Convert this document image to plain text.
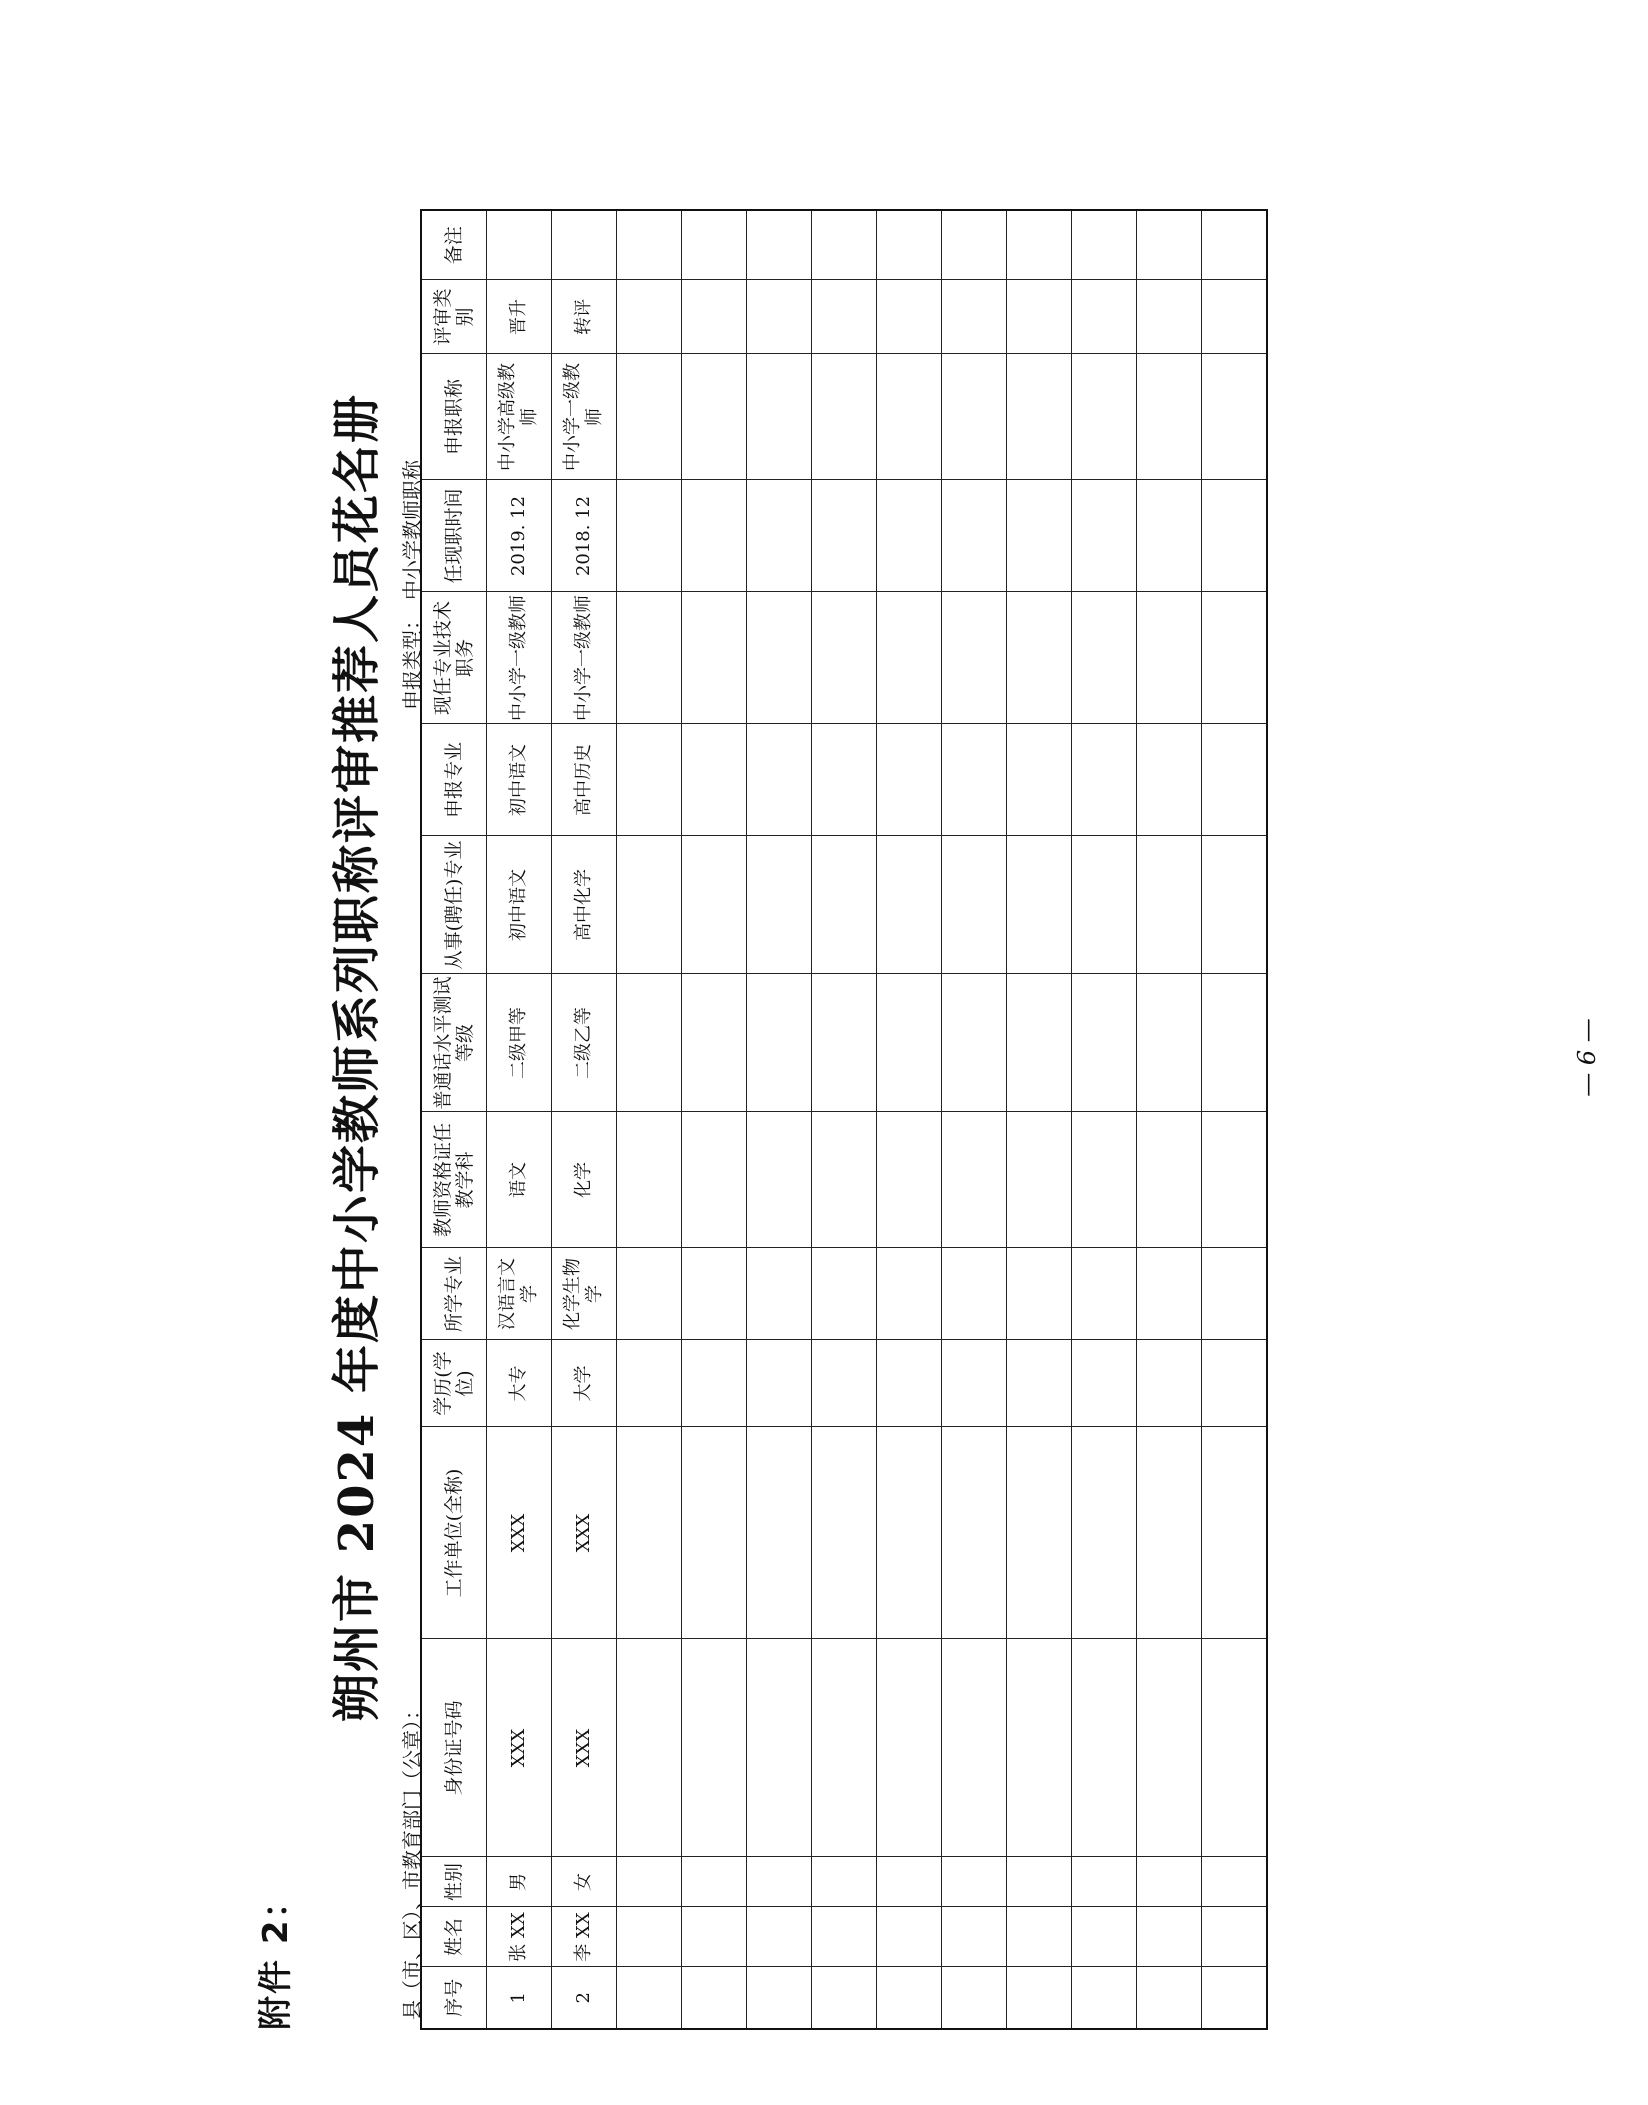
附件 2：
朔州市 2024 年度中小学教师系列职称评审推荐人员花名册
县（市、区）、市教育部门（公章）：
申报类型：中小学教师职称
序号	姓名	性别	身份证号码	工作单位(全称)	学历(学位)	所学专业	教师资格证任教学科	普通话水平测试等级	从事(聘任)专业	申报专业	现任专业技术职务	任现职时间	申报职称	评审类别	备注
1	张 XX	男	XXX	XXX	大专	汉语言文学	语文	二级甲等	初中语文	初中语文	中小学一级教师	2019. 12	中小学高级教师	晋升	
2	李 XX	女	XXX	XXX	大学	化学生物学	化学	二级乙等	高中化学	高中历史	中小学一级教师	2018. 12	中小学一级教师	转评	

— 6 —
